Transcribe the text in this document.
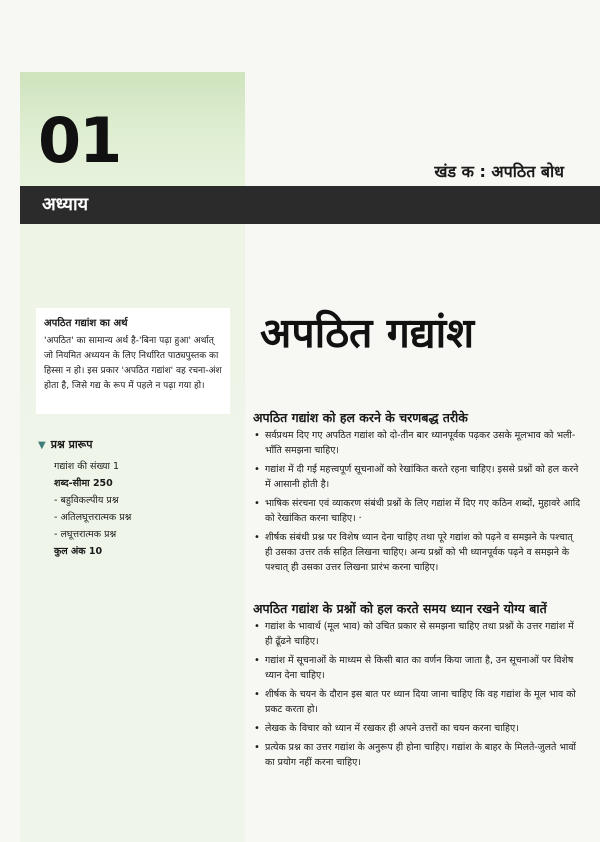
01	खंड क : अपठित बोध
अध्याय
अपठित गद्यांश का अर्थ
'अपठित' का सामान्य अर्थ है-'बिना पढ़ा हुआ' अर्थात् जो नियमित अध्ययन के लिए निर्धारित पाठ्यपुस्तक का हिस्सा न हो। इस प्रकार 'अपठित गद्यांश' वह रचना-अंश होता है, जिसे गद्य के रूप में पहले न पढ़ा गया हो।
▼ प्रश्न प्रारूप
गद्यांश की संख्या 1
शब्द-सीमा 250
- बहुविकल्पीय प्रश्न
- अतिलघूत्तरात्मक प्रश्न
- लघूत्तरात्मक प्रश्न
कुल अंक 10
अपठित गद्यांश
अपठित गद्यांश को हल करने के चरणबद्ध तरीके
• सर्वप्रथम दिए गए अपठित गद्यांश को दो-तीन बार ध्यानपूर्वक पढ़कर उसके मूलभाव को भली-भाँति समझना चाहिए।
• गद्यांश में दी गई महत्त्वपूर्ण सूचनाओं को रेखांकित करते रहना चाहिए। इससे प्रश्नों को हल करने में आसानी होती है।
• भाषिक संरचना एवं व्याकरण संबंधी प्रश्नों के लिए गद्यांश में दिए गए कठिन शब्दों, मुहावरे आदि को रेखांकित करना चाहिए। ·
• शीर्षक संबंधी प्रश्न पर विशेष ध्यान देना चाहिए तथा पूरे गद्यांश को पढ़ने व समझने के पश्चात् ही उसका उत्तर तर्क सहित लिखना चाहिए। अन्य प्रश्नों को भी ध्यानपूर्वक पढ़ने व समझने के पश्चात् ही उसका उत्तर लिखना प्रारंभ करना चाहिए।
अपठित गद्यांश के प्रश्नों को हल करते समय ध्यान रखने योग्य बातें
• गद्यांश के भावार्थ (मूल भाव) को उचित प्रकार से समझना चाहिए तथा प्रश्नों के उत्तर गद्यांश में ही ढूँढने चाहिए।
• गद्यांश में सूचनाओं के माध्यम से किसी बात का वर्णन किया जाता है, उन सूचनाओं पर विशेष ध्यान देना चाहिए।
• शीर्षक के चयन के दौरान इस बात पर ध्यान दिया जाना चाहिए कि वह गद्यांश के मूल भाव को प्रकट करता हो।
• लेखक के विचार को ध्यान में रखकर ही अपने उत्तरों का चयन करना चाहिए।
• प्रत्येक प्रश्न का उत्तर गद्यांश के अनुरूप ही होना चाहिए। गद्यांश के बाहर के मिलते-जुलते भावों का प्रयोग नहीं करना चाहिए।
